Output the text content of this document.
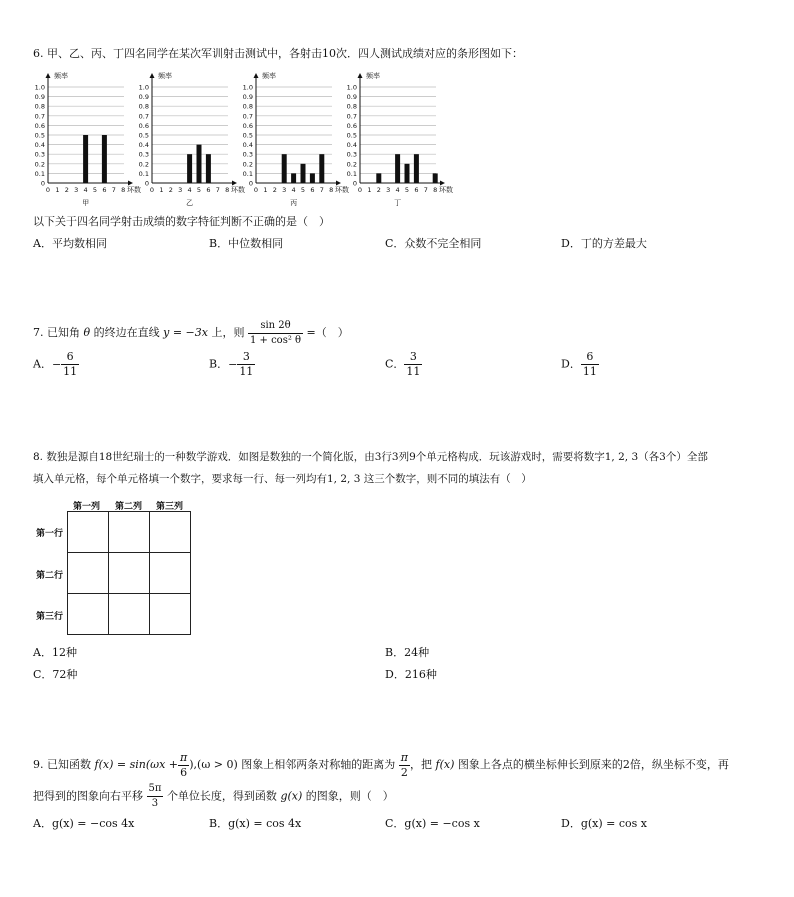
6. 甲、乙、丙、丁四名同学在某次军训射击测试中，各射击10次．四人测试成绩对应的条形图如下：
0
0.1
0.2
0.3
0.4
0.5
0.6
0.7
0.8
0.9
1.0
频率
0 1 2 3 4 5 6 7 8 环数
甲
0
0.1
0.2
0.3
0.4
0.5
0.6
0.7
0.8
0.9
1.0
频率
0 1 2 3 4 5 6 7 8 环数
乙
0
0.1
0.2
0.3
0.4
0.5
0.6
0.7
0.8
0.9
1.0
频率
0 1 2 3 4 5 6 7 8 环数
丙
0
0.1
0.2
0.3
0.4
0.5
0.6
0.7
0.8
0.9
1.0
频率
0 1 2 3 4 5 6 7 8 环数
丁
以下关于四名同学射击成绩的数字特征判断不正确的是（　）
A．平均数相同	B．中位数相同	C．众数不完全相同	D．丁的方差最大
7. 已知角 θ 的终边在直线 y = −3x 上，则 $\frac{\sin 2\theta}{\text{1 + cos² θ}}$ =（　）
A．− $\frac{6}{11}$	B．− $\frac{3}{11}$	C． $\frac{3}{11}$	D． $\frac{6}{11}$
8. 数独是源自18世纪瑞士的一种数学游戏．如图是数独的一个简化版，由3行3列9个单元格构成．玩该游戏时，需要将数字1, 2, 3（各3个）全部
填入单元格，每个单元格填一个数字，要求每一行、每一列均有1, 2, 3 这三个数字，则不同的填法有（　）
第一列 第二列 第三列
第一行
第二行
第三行
A．12种	B．24种
C．72种	D．216种
9. 已知函数 $f(x) = \sin(\omega x + \frac{\pi}{6} ),(\omega > 0)$ 图象上相邻两条对称轴的距离为 $\frac{\pi}{2}$ ，把 f(x) 图象上各点的横坐标伸长到原来的2倍，纵坐标不变，再
把得到的图象向右平移 $\frac{5\pi}{3}$ 个单位长度，得到函数 g(x) 的图象，则（　）
A．g(x) = −cos 4x	B．g(x) = cos 4x	C．g(x) = −cos x	D．g(x) = cos x
